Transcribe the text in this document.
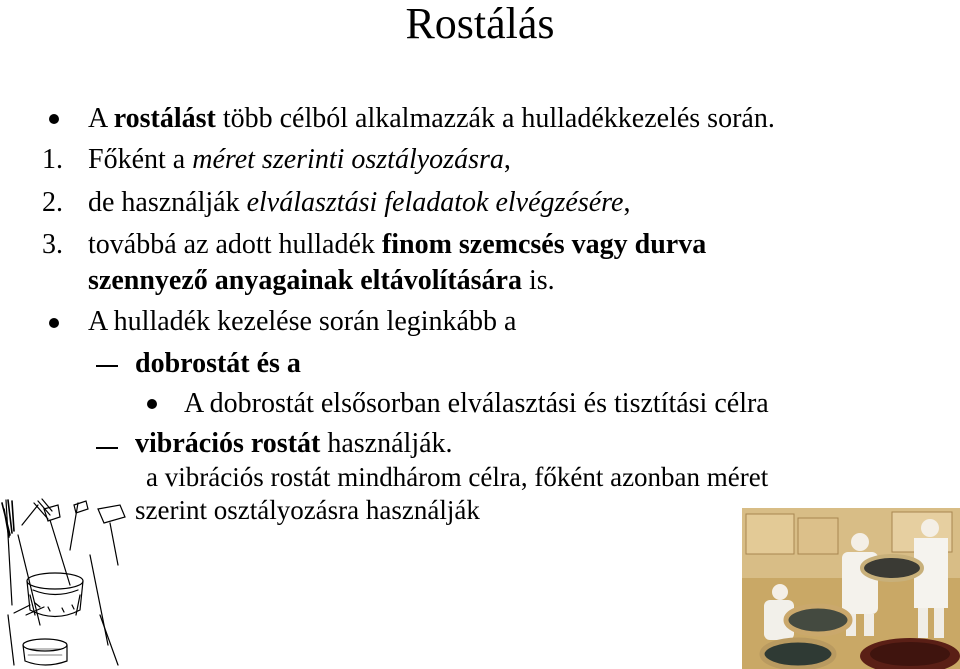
Rostálás
A rostálást több célból alkalmazzák a hulladékkezelés során.
1. Főként a méret szerinti osztályozásra,
2. de használják elválasztási feladatok elvégzésére,
3. továbbá az adott hulladék finom szemcsés vagy durva
szennyező anyagainak eltávolítására is.
A hulladék kezelése során leginkább a
dobrostát és a
A dobrostát elsősorban elválasztási és tisztítási célra
vibrációs rostát használják.
a vibrációs rostát mindhárom célra, főként azonban méret
szerint osztályozásra használják
